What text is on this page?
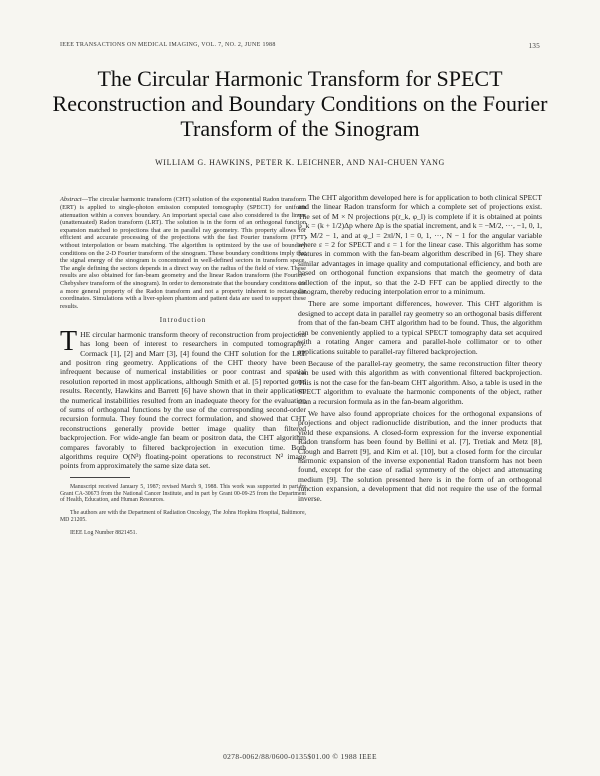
IEEE TRANSACTIONS ON MEDICAL IMAGING, VOL. 7, NO. 2, JUNE 1988	135
The Circular Harmonic Transform for SPECT Reconstruction and Boundary Conditions on the Fourier Transform of the Sinogram
WILLIAM G. HAWKINS, PETER K. LEICHNER, AND NAI-CHUEN YANG

Abstract—The circular harmonic transform (CHT) solution of the exponential Radon transform (ERT) is applied to single-photon emission computed tomography (SPECT) for uniform attenuation within a convex boundary. An important special case also considered is the linear (unattenuated) Radon transform (LRT). The solution is in the form of an orthogonal function expansion matched to projections that are in parallel ray geometry. This property allows for efficient and accurate processing of the projections with the fast Fourier transform (FFT) without interpolation or beam matching. The algorithm is optimized by the use of boundary conditions on the 2-D Fourier transform of the sinogram. These boundary conditions imply that the signal energy of the sinogram is concentrated in well-defined sectors in transform space. The angle defining the sectors depends in a direct way on the radius of the field of view. These results are also obtained for fan-beam geometry and the linear Radon transform (the Fourier–Chebyshev transform of the sinogram). In order to demonstrate that the boundary conditions are a more general property of the Radon transform and not a property inherent to rectangular coordinates. Simulations with a liver-spleen phantom and patient data are used to support these results.

Introduction

THE circular harmonic transform theory of reconstruction from projections has long been of interest to researchers in computed tomography. Cormack [1], [2] and Marr [3], [4] found the CHT solution for the LRT and positron ring geometry. Applications of the CHT theory have been infrequent because of numerical instabilities or poor contrast and spatial resolution reported in most applications, although Smith et al. [5] reported good results. Recently, Hawkins and Barrett [6] have shown that in their application, the numerical instabilities resulted from an inadequate theory for the evaluation of sums of orthogonal functions by the use of the corresponding second-order recursion formula. They found the correct formulation, and showed that CHT reconstructions generally provide better image quality than filtered backprojection. For wide-angle fan beam or positron data, the CHT algorithm compares favorably to filtered backprojection in execution time. Both algorithms require O(N³) floating-point operations to reconstruct N² image points from approximately the same size data set.

Manuscript received January 5, 1987; revised March 9, 1988. This work was supported in part by Grant CA-30673 from the National Cancer Institute, and in part by Grant 00-09-25 from the Department of Health, Education, and Human Resources.

The authors are with the Department of Radiation Oncology, The Johns Hopkins Hospital, Baltimore, MD 21205.

IEEE Log Number 8821451.

The CHT algorithm developed here is for application to both clinical SPECT and the linear Radon transform for which a complete set of projections exist. The set of M × N projections p(r_k, φ_l) is complete if it is obtained at points p_k = (k + 1/2)Δp where Δp is the spatial increment, and k = −M/2, ···, −1, 0, 1, ···, M/2 − 1, and at φ_l = 2πl/N, l = 0, 1, ···, N − 1 for the angular variable where ε = 2 for SPECT and ε = 1 for the linear case. This algorithm has some features in common with the fan-beam algorithm described in [6]. They share similar advantages in image quality and computational efficiency, and both are based on orthogonal function expansions that match the geometry of data collection of the input, so that the 2-D FFT can be applied directly to the sinogram, thereby reducing interpolation error to a minimum.

There are some important differences, however. This CHT algorithm is designed to accept data in parallel ray geometry so an orthogonal basis different from that of the fan-beam CHT algorithm had to be found. Thus, the algorithm can be conveniently applied to a typical SPECT tomography data set acquired with a rotating Anger camera and parallel-hole collimator or to other applications suitable to parallel-ray filtered backprojection.

Because of the parallel-ray geometry, the same reconstruction filter theory can be used with this algorithm as with conventional filtered backprojection. This is not the case for the fan-beam CHT algorithm. Also, a table is used in the SPECT algorithm to evaluate the harmonic components of the object, rather than a recursion formula as in the fan-beam algorithm.

We have also found appropriate choices for the orthogonal expansions of projections and object radionuclide distribution, and the inner products that yield these expansions. A closed-form expression for the inverse exponential Radon transform has been found by Bellini et al. [7], Tretiak and Metz [8], Clough and Barrett [9], and Kim et al. [10], but a closed form for the circular harmonic expansion of the inverse exponential Radon transform has not been found, except for the case of radial symmetry of the object and attenuating medium [9]. The solution presented here is in the form of an orthogonal function expansion, a development that did not require the use of the formal inverse.

0278-0062/88/0600-0135$01.00 © 1988 IEEE
